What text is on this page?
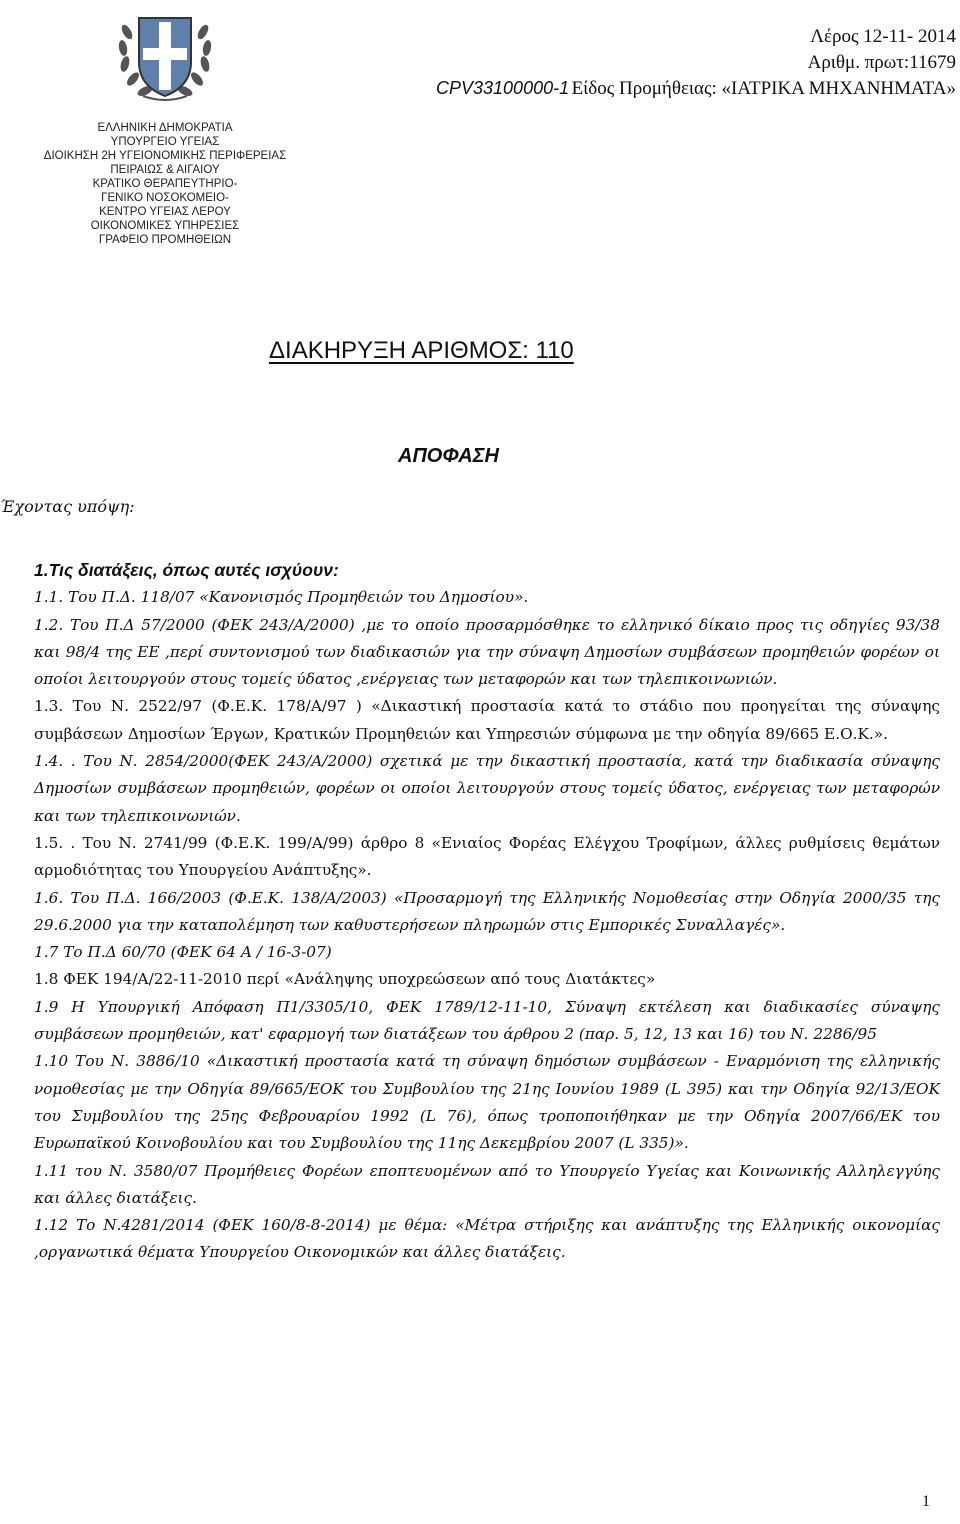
ΕΛΛΗΝΙΚΗ ΔΗΜΟΚΡΑΤΙΑ
ΥΠΟΥΡΓΕΙΟ ΥΓΕΙΑΣ
ΔΙΟΙΚΗΣΗ 2Η ΥΓΕΙΟΝΟΜΙΚΗΣ ΠΕΡΙΦΕΡΕΙΑΣ
ΠΕΙΡΑΙΩΣ & ΑΙΓΑΙΟΥ
ΚΡΑΤΙΚΟ ΘΕΡΑΠΕΥΤΗΡΙΟ-
ΓΕΝΙΚΟ ΝΟΣΟΚΟΜΕΙΟ-
ΚΕΝΤΡΟ ΥΓΕΙΑΣ ΛΕΡΟΥ
ΟΙΚΟΝΟΜΙΚΕΣ ΥΠΗΡΕΣΙΕΣ
ΓΡΑΦΕΙΟ ΠΡΟΜΗΘΕΙΩΝ
Λέρος 12-11- 2014
Αριθμ. πρωτ:11679
Είδος Προμήθειας: «ΙΑΤΡΙΚΑ ΜΗΧΑΝΗΜΑΤΑ»
CPV33100000-1
ΔΙΑΚΗΡΥΞΗ ΑΡΙΘΜΟΣ: 110
ΑΠΟΦΑΣΗ
Έχοντας υπόψη:

1.Τις διατάξεις, όπως αυτές ισχύουν:

1.1. Του Π.Δ. 118/07 «Κανονισμός Προμηθειών του Δημοσίου».

1.2. Του Π.Δ 57/2000 (ΦΕΚ 243/Α/2000) ,με το οποίο προσαρμόσθηκε το ελληνικό δίκαιο προς τις οδηγίες 93/38 και 98/4 της ΕΕ ,περί συντονισμού των διαδικασιών για την σύναψη Δημοσίων συμβάσεων προμηθειών φορέων οι οποίοι λειτουργούν στους τομείς ύδατος ,ενέργειας των μεταφορών και των τηλεπικοινωνιών.

1.3. Του Ν. 2522/97 (Φ.Ε.Κ. 178/Α/97 ) «Δικαστική προστασία κατά το στάδιο που προηγείται της σύναψης συμβάσεων Δημοσίων Έργων, Κρατικών Προμηθειών και Υπηρεσιών σύμφωνα με την οδηγία 89/665 Ε.Ο.Κ.».

1.4. . Του Ν. 2854/2000(ΦΕΚ 243/Α/2000) σχετικά με την δικαστική προστασία, κατά την διαδικασία σύναψης Δημοσίων συμβάσεων προμηθειών, φορέων οι οποίοι λειτουργούν στους τομείς ύδατος, ενέργειας των μεταφορών και των τηλεπικοινωνιών.

1.5. . Του Ν. 2741/99 (Φ.Ε.Κ. 199/Α/99) άρθρο 8 «Ενιαίος Φορέας Ελέγχου Τροφίμων, άλλες ρυθμίσεις θεμάτων αρμοδιότητας του Υπουργείου Ανάπτυξης».

1.6. Του Π.Δ. 166/2003 (Φ.Ε.Κ. 138/Α/2003) «Προσαρμογή της Ελληνικής Νομοθεσίας στην Οδηγία 2000/35 της 29.6.2000 για την καταπολέμηση των καθυστερήσεων πληρωμών στις Εμπορικές Συναλλαγές».

1.7 Το Π.Δ 60/70 (ΦΕΚ 64 Α / 16-3-07)

1.8 ΦΕΚ 194/Α/22-11-2010 περί «Ανάληψης υποχρεώσεων από τους Διατάκτες»

1.9 Η Υπουργική Απόφαση Π1/3305/10, ΦΕΚ 1789/12-11-10, Σύναψη εκτέλεση και διαδικασίες σύναψης συμβάσεων προμηθειών, κατ' εφαρμογή των διατάξεων του άρθρου 2 (παρ. 5, 12, 13 και 16) του Ν. 2286/95

1.10 Του Ν. 3886/10 «Δικαστική προστασία κατά τη σύναψη δημόσιων συμβάσεων - Εναρμόνιση της ελληνικής νομοθεσίας με την Οδηγία 89/665/ΕΟΚ του Συμβουλίου της 21ης Ιουνίου 1989 (L 395) και την Οδηγία 92/13/ΕΟΚ του Συμβουλίου της 25ης Φεβρουαρίου 1992 (L 76), όπως τροποποιήθηκαν με την Οδηγία 2007/66/ΕΚ του Ευρωπαϊκού Κοινοβουλίου και του Συμβουλίου της 11ης Δεκεμβρίου 2007 (L 335)».

1.11 του Ν. 3580/07 Προμήθειες Φορέων εποπτευομένων από το Υπουργείο Υγείας και Κοινωνικής Αλληλεγγύης και άλλες διατάξεις.

1.12 Το Ν.4281/2014 (ΦΕΚ 160/8-8-2014) με θέμα: «Μέτρα στήριξης και ανάπτυξης της Ελληνικής οικονομίας ,οργανωτικά θέματα Υπουργείου Οικονομικών και άλλες διατάξεις.

1
